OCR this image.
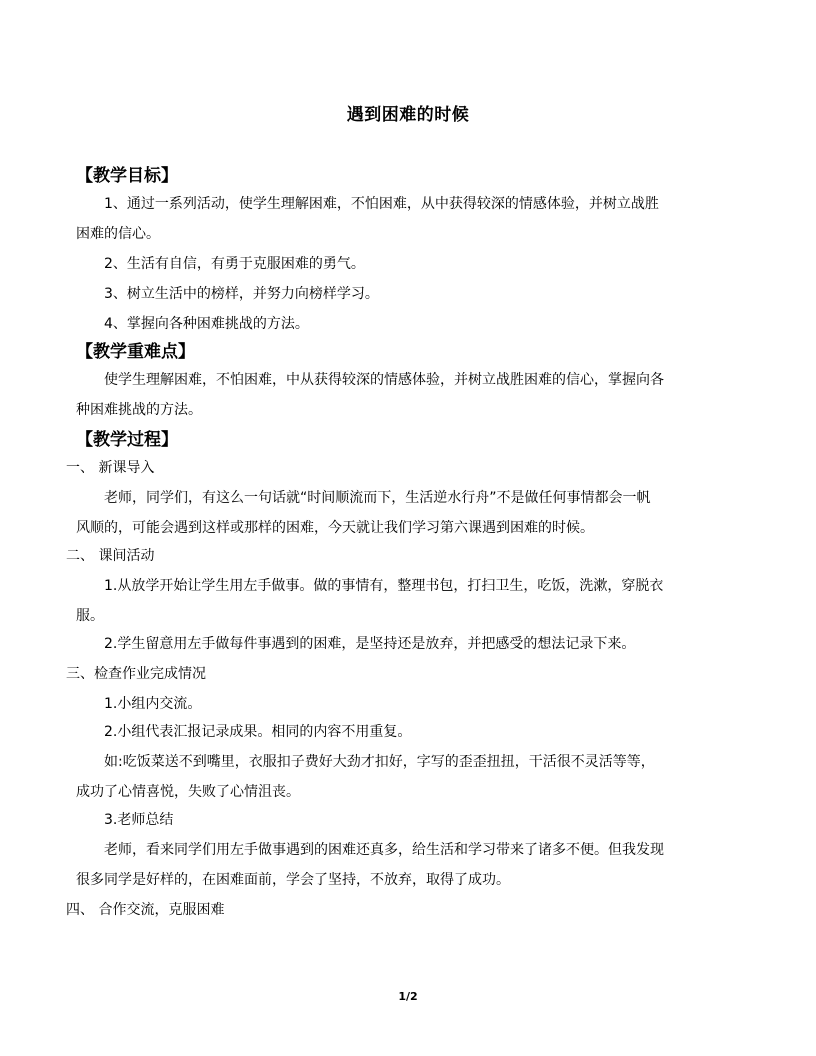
遇到困难的时候
【教学目标】
1、通过一系列活动，使学生理解困难，不怕困难，从中获得较深的情感体验，并树立战胜
困难的信心。
2、生活有自信，有勇于克服困难的勇气。
3、树立生活中的榜样，并努力向榜样学习。
4、掌握向各种困难挑战的方法。
【教学重难点】
使学生理解困难，不怕困难，中从获得较深的情感体验，并树立战胜困难的信心，掌握向各
种困难挑战的方法。
【教学过程】
一、 新课导入
老师，同学们，有这么一句话就“时间顺流而下，生活逆水行舟”不是做任何事情都会一帆
风顺的，可能会遇到这样或那样的困难，今天就让我们学习第六课遇到困难的时候。
二、 课间活动
1.从放学开始让学生用左手做事。做的事情有，整理书包，打扫卫生，吃饭，洗漱，穿脱衣
服。
2.学生留意用左手做每件事遇到的困难，是坚持还是放弃，并把感受的想法记录下来。
三、检查作业完成情况
1.小组内交流。
2.小组代表汇报记录成果。相同的内容不用重复。
如:吃饭菜送不到嘴里，衣服扣子费好大劲才扣好，字写的歪歪扭扭，干活很不灵活等等，
成功了心情喜悦，失败了心情沮丧。
3.老师总结
老师，看来同学们用左手做事遇到的困难还真多，给生活和学习带来了诸多不便。但我发现
很多同学是好样的，在困难面前，学会了坚持，不放弃，取得了成功。
四、 合作交流，克服困难
1/2
